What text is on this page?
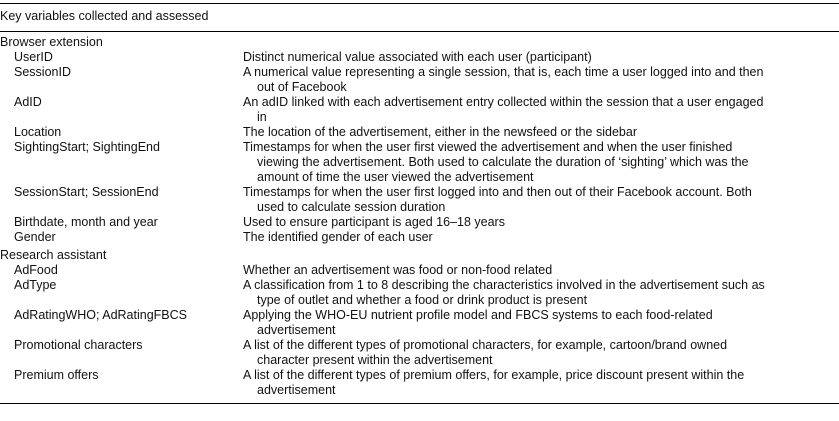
Key variables collected and assessed
Browser extension
UserID	Distinct numerical value associated with each user (participant)
SessionID	A numerical value representing a single session, that is, each time a user logged into and then
out of Facebook
AdID	An adID linked with each advertisement entry collected within the session that a user engaged
in
Location	The location of the advertisement, either in the newsfeed or the sidebar
SightingStart; SightingEnd	Timestamps for when the user first viewed the advertisement and when the user finished
viewing the advertisement. Both used to calculate the duration of ‘sighting’ which was the
amount of time the user viewed the advertisement
SessionStart; SessionEnd	Timestamps for when the user first logged into and then out of their Facebook account. Both
used to calculate session duration
Birthdate, month and year	Used to ensure participant is aged 16–18 years
Gender	The identified gender of each user
Research assistant
AdFood	Whether an advertisement was food or non-food related
AdType	A classification from 1 to 8 describing the characteristics involved in the advertisement such as
type of outlet and whether a food or drink product is present
AdRatingWHO; AdRatingFBCS	Applying the WHO-EU nutrient profile model and FBCS systems to each food-related
advertisement
Promotional characters	A list of the different types of promotional characters, for example, cartoon/brand owned
character present within the advertisement
Premium offers	A list of the different types of premium offers, for example, price discount present within the
advertisement
